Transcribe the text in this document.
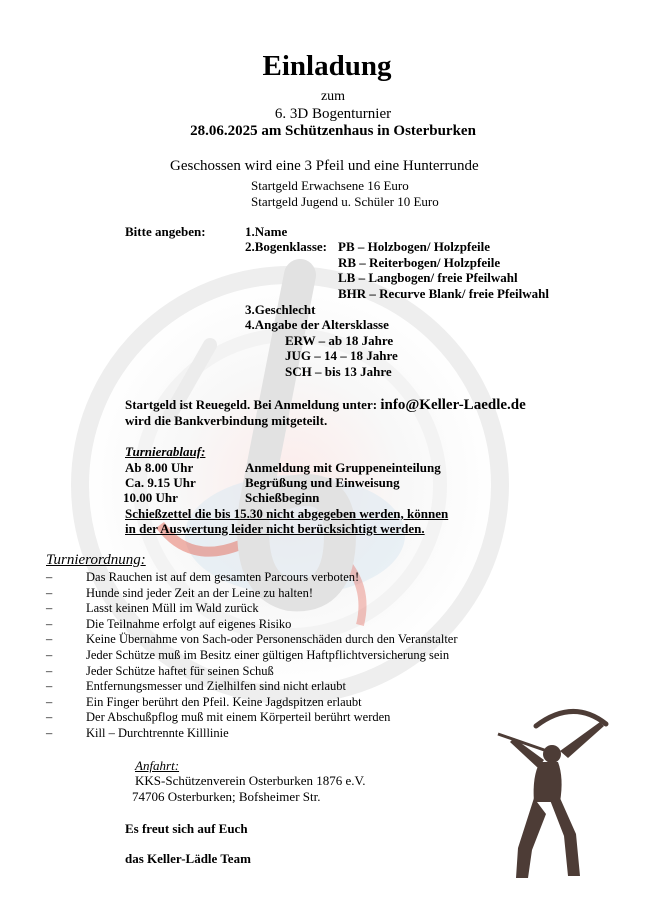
Einladung
zum
6. 3D Bogenturnier
28.06.2025 am Schützenhaus in Osterburken
Geschossen wird eine 3 Pfeil und eine Hunterrunde
Startgeld Erwachsene 16 Euro
Startgeld Jugend u. Schüler 10 Euro
Bitte angeben:	1.Name
2.Bogenklasse: PB – Holzbogen/ Holzpfeile
RB – Reiterbogen/ Holzpfeile
LB – Langbogen/ freie Pfeilwahl
BHR – Recurve Blank/ freie Pfeilwahl
3.Geschlecht
4.Angabe der Altersklasse
ERW – ab 18 Jahre
JUG – 14 – 18 Jahre
SCH – bis 13 Jahre
Startgeld ist Reuegeld. Bei Anmeldung unter: info@Keller-Laedle.de
wird die Bankverbindung mitgeteilt.
Turnierablauf:
Ab 8.00 Uhr	Anmeldung mit Gruppeneinteilung
Ca. 9.15 Uhr	Begrüßung und Einweisung
10.00 Uhr	Schießbeginn
Schießzettel die bis 15.30 nicht abgegeben werden, können
in der Auswertung leider nicht berücksichtigt werden.
Turnierordnung:
–	Das Rauchen ist auf dem gesamten Parcours verboten!
–	Hunde sind jeder Zeit an der Leine zu halten!
–	Lasst keinen Müll im Wald zurück
–	Die Teilnahme erfolgt auf eigenes Risiko
–	Keine Übernahme von Sach-oder Personenschäden durch den Veranstalter
–	Jeder Schütze muß im Besitz einer gültigen Haftpflichtversicherung sein
–	Jeder Schütze haftet für seinen Schuß
–	Entfernungsmesser und Zielhilfen sind nicht erlaubt
–	Ein Finger berührt den Pfeil. Keine Jagdspitzen erlaubt
–	Der Abschußpflog muß mit einem Körperteil berührt werden
–	Kill – Durchtrennte Killlinie
Anfahrt:
KKS-Schützenverein Osterburken 1876 e.V.
74706 Osterburken; Bofsheimer Str.
Es freut sich auf Euch
das Keller-Lädle Team
